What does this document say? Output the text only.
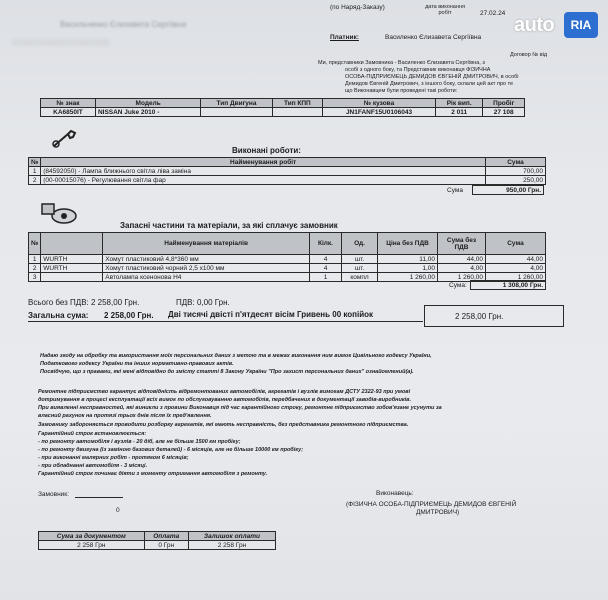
Васильченко Єлизавета Сергіївна
░░░░░░░░░░░░░░░░░░░░░░░░░
(по Наряд-Заказу)	дата виконання робіт	27.02.24
auto	RIA
Платник:	Василенко Єлизавета Сергіївна
Договор № від
Ми, представники Замовника - Василенко Єлизавета Сергіївна, з
особі з одного боку, та Представник виконавця ФІЗИЧНА
ОСОБА-ПІДПРИЄМЕЦЬ ДЕМИДОВ ЄВГЕНІЙ ДМИТРОВИЧ, в особі
Демидов Євгеній Дмитрович, з іншого боку, склали цей акт про те
що Виконавцем були проведені такі роботи:
№ знак	Модель	Тип Двигуна	Тип КПП	№ кузова	Рік вип.	Пробіг
KA6850IT	NISSAN Juke 2010 -			JN1FANF15U0106043	2 011	27 108
Виконані роботи:
№	Найменування робіт	Сума
1	(84592050) - Лампа ближнього світла ліва заміна	700,00
2	(00-00015076) - Регулювання світла фар	250,00
Сума	950,00 Грн.
Запасні частини та матеріали, за які сплачує замовник
№		Найменування матеріалів	Кілк.	Од.	Ціна без ПДВ	Сума без ПДВ	Сума
1	WURTH	Хомут пластиковий 4,8*360 мм	4	шт.	11,00	44,00	44,00
2	WURTH	Хомут пластиковий чорний 2,5 x100 мм	4	шт.	1,00	4,00	4,00
3		Автолампа ксенонова H4	1	компл	1 260,00	1 260,00	1 260,00
Сума:	1 308,00 Грн.
Всього без ПДВ: 2 258,00 Грн.	ПДВ: 0,00 Грн.
Загальна сума: 2 258,00 Грн. Дві тисячі двісті п'ятдесят вісім Гривень 00 копійок	2 258,00 Грн.
Надаю згоду на обробку та використання моїх персональних даних з метою та в межах виконання ним вимог Цивільного кодексу України,
Податкового кодексу України та інших нормативно-правових актів.
Посвідчую, що з правами, які мені відповідно до змісту статті 8 Закону України "Про захист персональних даних" ознайомлений(а).
Ремонтне підприємство гарантує відповідність відремонтованих автомобілів, агрегатів і вузлів вимогам ДСТУ 2322-93 при умові
дотримування в процесі експлуатації всіх вимог по обслуговуванню автомобілів, передбачених в документації заводів-виробників.
При виявленні несправностей, які виникли з провини Виконавця під час гарантійного строку, ремонтне підприємство зобов'язане усунути за
власний рахунок на протязі трьох днів після їх пред'явлення.
Замовнику забороняється проводити розборку агрегатів, які мають несправність, без представника ремонтного підприємства.
Гарантійний строк встановлюється:
- по ремонту автомобіля і вузлів - 20 діб, але не більше 1500 км пробігу;
- по ремонту двигуна (із заміною базових деталей) - 6 місяців, але не більше 10000 км пробігу;
- при виконанні малярних робіт - протягом 6 місяців;
- при обладнанні автомобіля - 3 місяці.
Гарантійний строк починає діяти з моменту отримання автомобіля з ремонту.
Замовник:
0
Виконавець:
(ФІЗИЧНА ОСОБА-ПІДПРИЄМЕЦЬ ДЕМИДОВ ЄВГЕНІЙ
ДМИТРОВИЧ)
Сума за документом	Оплата	Залишок оплати
2 258 Грн	0 Грн	2 258 Грн
